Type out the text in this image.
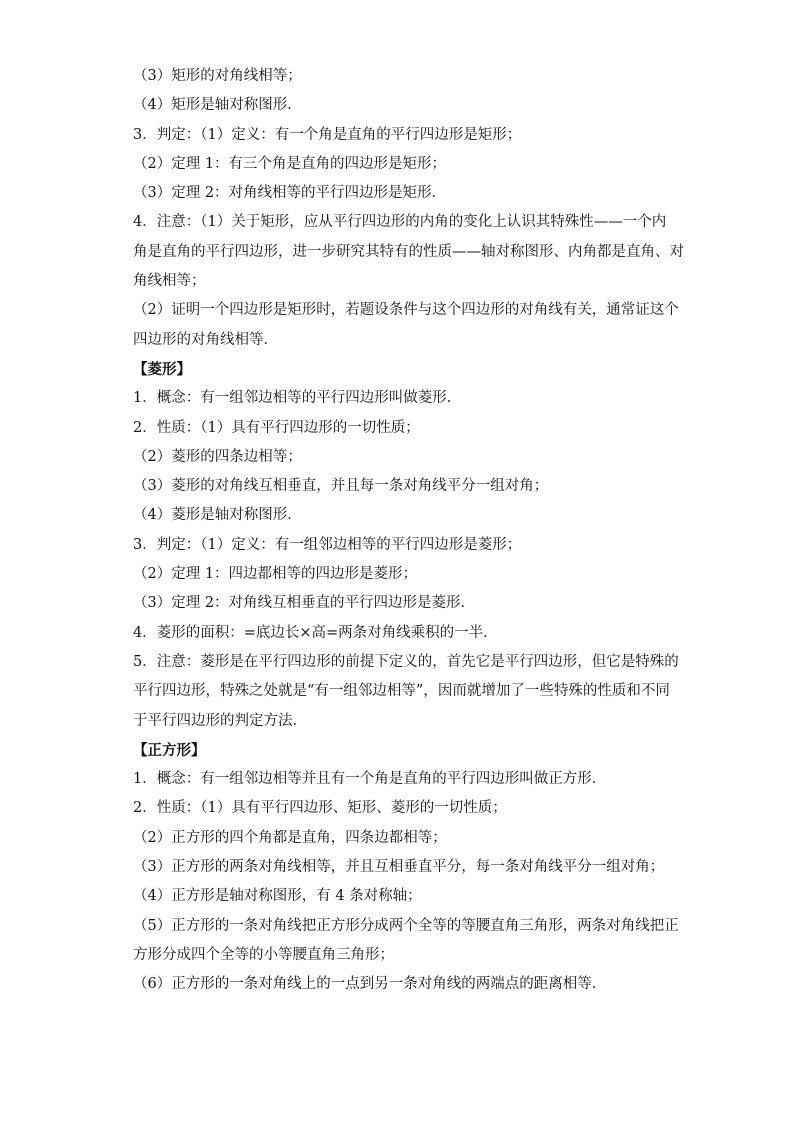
（3）矩形的对角线相等；
（4）矩形是轴对称图形．
3．判定：（1）定义：有一个角是直角的平行四边形是矩形；
（2）定理 1：有三个角是直角的四边形是矩形；
（3）定理 2：对角线相等的平行四边形是矩形．
4．注意：（1）关于矩形，应从平行四边形的内角的变化上认识其特殊性——一个内
角是直角的平行四边形，进一步研究其特有的性质——轴对称图形、内角都是直角、对
角线相等；
（2）证明一个四边形是矩形时，若题设条件与这个四边形的对角线有关，通常证这个
四边形的对角线相等．
【菱形】
1．概念：有一组邻边相等的平行四边形叫做菱形．
2．性质：（1）具有平行四边形的一切性质；
（2）菱形的四条边相等；
（3）菱形的对角线互相垂直，并且每一条对角线平分一组对角；
（4）菱形是轴对称图形．
3．判定：（1）定义：有一组邻边相等的平行四边形是菱形；
（2）定理 1：四边都相等的四边形是菱形；
（3）定理 2：对角线互相垂直的平行四边形是菱形．
4．菱形的面积：=底边长×高=两条对角线乘积的一半．
5．注意：菱形是在平行四边形的前提下定义的，首先它是平行四边形，但它是特殊的
平行四边形，特殊之处就是“有一组邻边相等”，因而就增加了一些特殊的性质和不同
于平行四边形的判定方法．
【正方形】
1．概念：有一组邻边相等并且有一个角是直角的平行四边形叫做正方形．
2．性质：（1）具有平行四边形、矩形、菱形的一切性质；
（2）正方形的四个角都是直角，四条边都相等；
（3）正方形的两条对角线相等，并且互相垂直平分，每一条对角线平分一组对角；
（4）正方形是轴对称图形，有 4 条对称轴；
（5）正方形的一条对角线把正方形分成两个全等的等腰直角三角形，两条对角线把正
方形分成四个全等的小等腰直角三角形；
（6）正方形的一条对角线上的一点到另一条对角线的两端点的距离相等．
